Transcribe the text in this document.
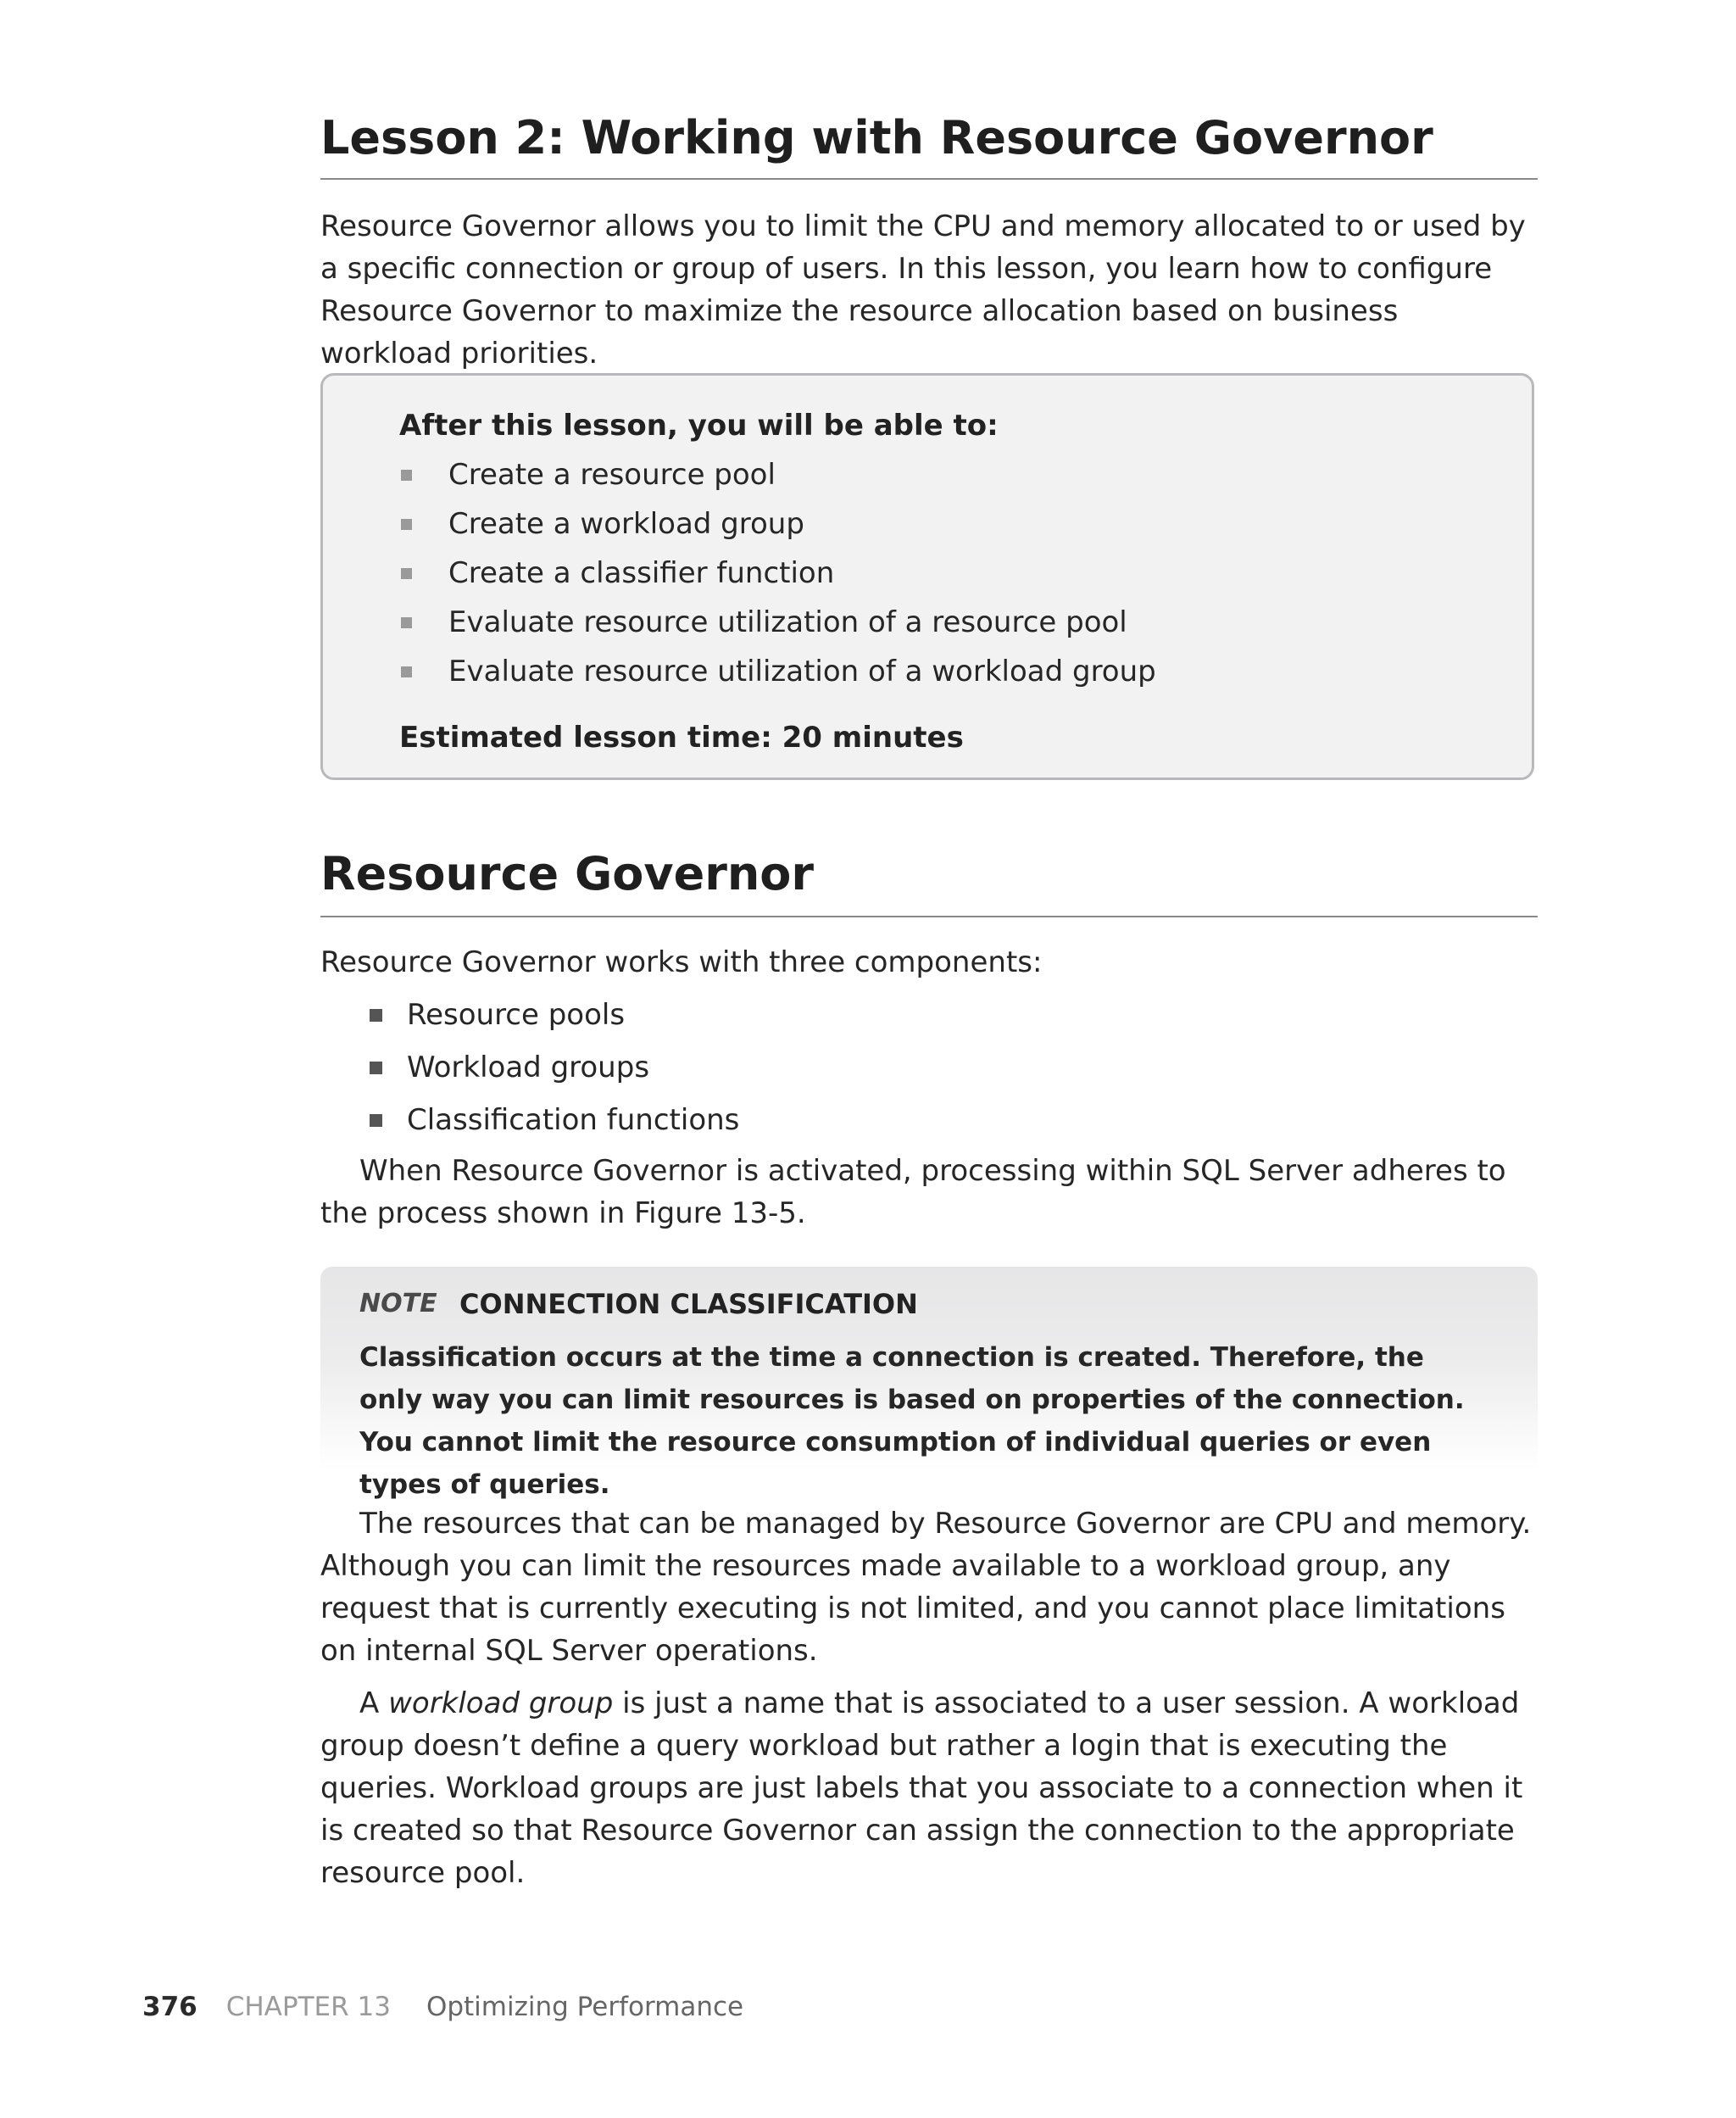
Lesson 2: Working with Resource Governor

Resource Governor allows you to limit the CPU and memory allocated to or used by a specific connection or group of users. In this lesson, you learn how to configure Resource Governor to maximize the resource allocation based on business workload priorities.

After this lesson, you will be able to:
Create a resource pool
Create a workload group
Create a classifier function
Evaluate resource utilization of a resource pool
Evaluate resource utilization of a workload group
Estimated lesson time: 20 minutes
Resource Governor

Resource Governor works with three components:

Resource pools
Workload groups
Classification functions

When Resource Governor is activated, processing within SQL Server adheres to the process shown in Figure 13-5.

NOTE CONNECTION CLASSIFICATION

Classification occurs at the time a connection is created. Therefore, the only way you can limit resources is based on properties of the connection. You cannot limit the resource consumption of individual queries or even types of queries.

The resources that can be managed by Resource Governor are CPU and memory. Although you can limit the resources made available to a workload group, any request that is currently executing is not limited, and you cannot place limitations on internal SQL Server operations.

A workload group is just a name that is associated to a user session. A workload group doesn’t define a query workload but rather a login that is executing the queries. Workload groups are just labels that you associate to a connection when it is created so that Resource Governor can assign the connection to the appropriate resource pool.

376 CHAPTER 13 Optimizing Performance
